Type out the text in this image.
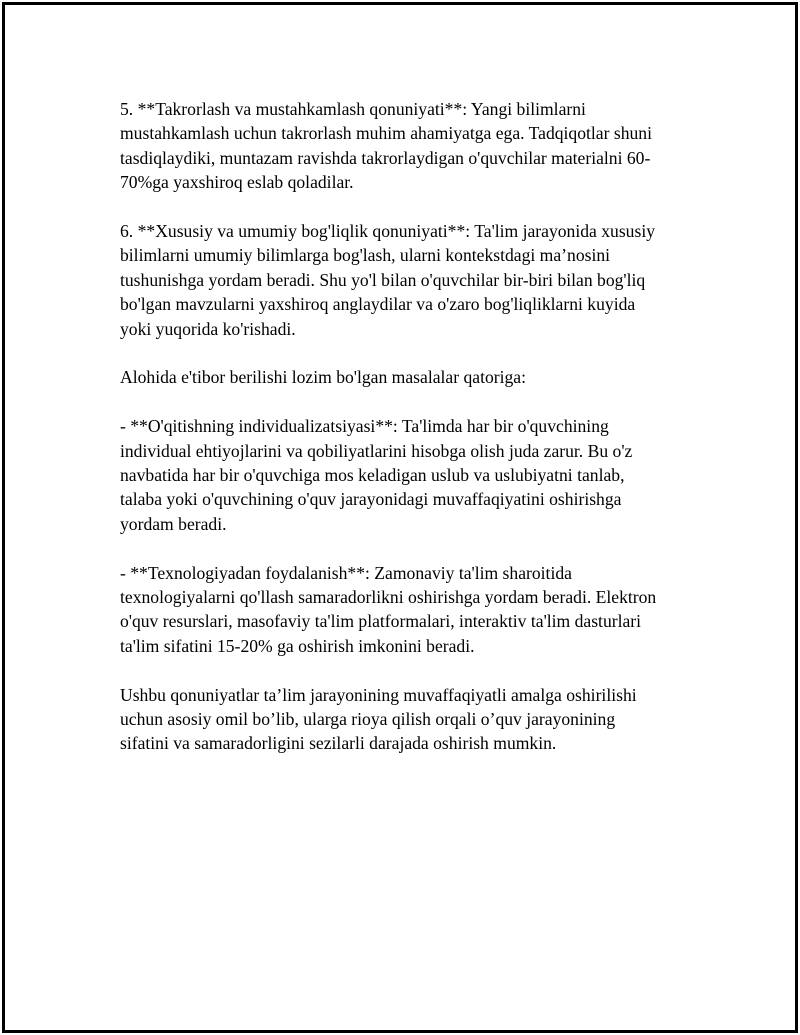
5. **Takrorlash va mustahkamlash qonuniyati**: Yangi bilimlarni
mustahkamlash uchun takrorlash muhim ahamiyatga ega. Tadqiqotlar shuni
tasdiqlaydiki, muntazam ravishda takrorlaydigan o'quvchilar materialni 60-
70%ga yaxshiroq eslab qoladilar.

6. **Xususiy va umumiy bog'liqlik qonuniyati**: Ta'lim jarayonida xususiy
bilimlarni umumiy bilimlarga bog'lash, ularni kontekstdagi ma’nosini
tushunishga yordam beradi. Shu yo'l bilan o'quvchilar bir-biri bilan bog'liq
bo'lgan mavzularni yaxshiroq anglaydilar va o'zaro bog'liqliklarni kuyida
yoki yuqorida ko'rishadi.

Alohida e'tibor berilishi lozim bo'lgan masalalar qatoriga:

- **O'qitishning individualizatsiyasi**: Ta'limda har bir o'quvchining
individual ehtiyojlarini va qobiliyatlarini hisobga olish juda zarur. Bu o'z
navbatida har bir o'quvchiga mos keladigan uslub va uslubiyatni tanlab,
talaba yoki o'quvchining o'quv jarayonidagi muvaffaqiyatini oshirishga
yordam beradi.

- **Texnologiyadan foydalanish**: Zamonaviy ta'lim sharoitida
texnologiyalarni qo'llash samaradorlikni oshirishga yordam beradi. Elektron
o'quv resurslari, masofaviy ta'lim platformalari, interaktiv ta'lim dasturlari
ta'lim sifatini 15-20% ga oshirish imkonini beradi.

Ushbu qonuniyatlar ta’lim jarayonining muvaffaqiyatli amalga oshirilishi
uchun asosiy omil bo’lib, ularga rioya qilish orqali o’quv jarayonining
sifatini va samaradorligini sezilarli darajada oshirish mumkin.
